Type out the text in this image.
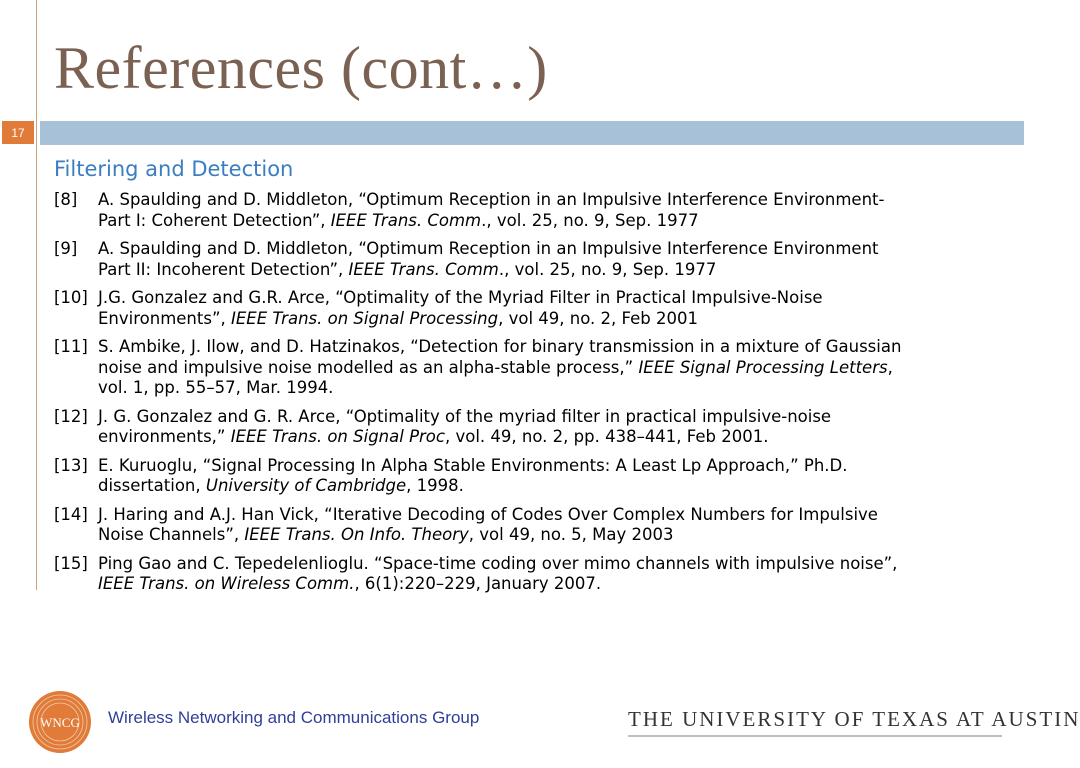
References (cont…)
17
Filtering and Detection
[8]	A. Spaulding and D. Middleton, “Optimum Reception in an Impulsive Interference Environment-
Part I: Coherent Detection”, IEEE Trans. Comm., vol. 25, no. 9, Sep. 1977
[9]	A. Spaulding and D. Middleton, “Optimum Reception in an Impulsive Interference Environment
Part II: Incoherent Detection”, IEEE Trans. Comm., vol. 25, no. 9, Sep. 1977
[10] J.G. Gonzalez and G.R. Arce, “Optimality of the Myriad Filter in Practical Impulsive-Noise
Environments”, IEEE Trans. on Signal Processing, vol 49, no. 2, Feb 2001
[11] S. Ambike, J. Ilow, and D. Hatzinakos, “Detection for binary transmission in a mixture of Gaussian
noise and impulsive noise modelled as an alpha-stable process,” IEEE Signal Processing Letters,
vol. 1, pp. 55–57, Mar. 1994.
[12] J. G. Gonzalez and G. R. Arce, “Optimality of the myriad filter in practical impulsive-noise
environments,” IEEE Trans. on Signal Proc, vol. 49, no. 2, pp. 438–441, Feb 2001.
[13] E. Kuruoglu, “Signal Processing In Alpha Stable Environments: A Least Lp Approach,” Ph.D.
dissertation, University of Cambridge, 1998.
[14] J. Haring and A.J. Han Vick, “Iterative Decoding of Codes Over Complex Numbers for Impulsive
Noise Channels”, IEEE Trans. On Info. Theory, vol 49, no. 5, May 2003
[15] Ping Gao and C. Tepedelenlioglu. “Space-time coding over mimo channels with impulsive noise”,
IEEE Trans. on Wireless Comm., 6(1):220–229, January 2007.
WNCG Wireless Networking and Communications Group	THE UNIVERSITY OF TEXAS AT AUSTIN
